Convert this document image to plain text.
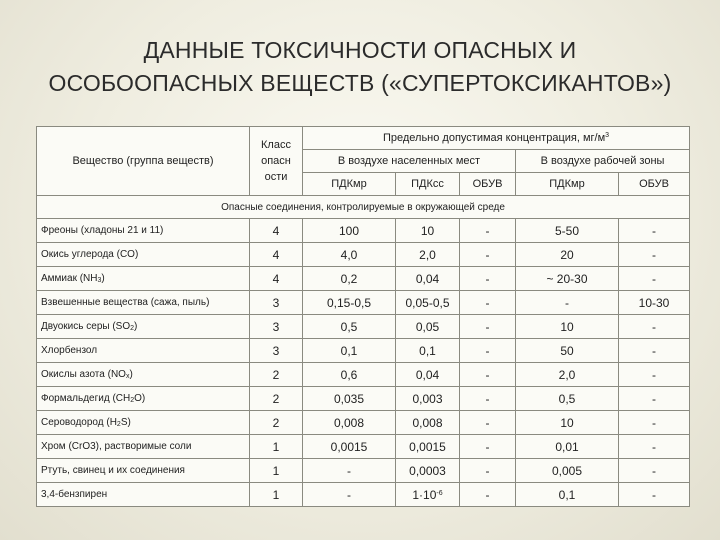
ДАННЫЕ ТОКСИЧНОСТИ ОПАСНЫХ И
ОСОБООПАСНЫХ ВЕЩЕСТВ («СУПЕРТОКСИКАНТОВ»)
Вещество (группа веществ)	Класс
опасн
ости	Предельно допустимая концентрация, $мг/м^3$
		В воздухе населенных мест			В воздухе рабочей зоны	
		ПДКмр	ПДКсс	ОБУВ	ПДКмр	ОБУВ
Опасные соединения, контролируемые в окружающей среде						
Фреоны (хладоны 21 и 11)	4	100	10	-	5-50	-
Окись углерода (CO)	4	4,0	2,0	-	20	-
Аммиак (NH3)	4	0,2	0,04	-	~ 20-30	-
Взвешенные вещества (сажа, пыль)	3	0,15-0,5	0,05-0,5	-	-	10-30
Двуокись серы (SO2)	3	0,5	0,05	-	10	-
Хлорбензол	3	0,1	0,1	-	50	-
Окислы азота (NOx)	2	0,6	0,04	-	2,0	-
Формальдегид (CH2O)	2	0,035	0,003	-	0,5	-
Сероводород (H2S)	2	0,008	0,008	-	10	-
Хром (CrO3), растворимые соли	1	0,0015	0,0015	-	0,01	-
Ртуть, свинец и их соединения	1	-	0,0003	-	0,005	-
3,4-бензпирен	1	-	$1\cdot 10^{-6}$	-	0,1	-
